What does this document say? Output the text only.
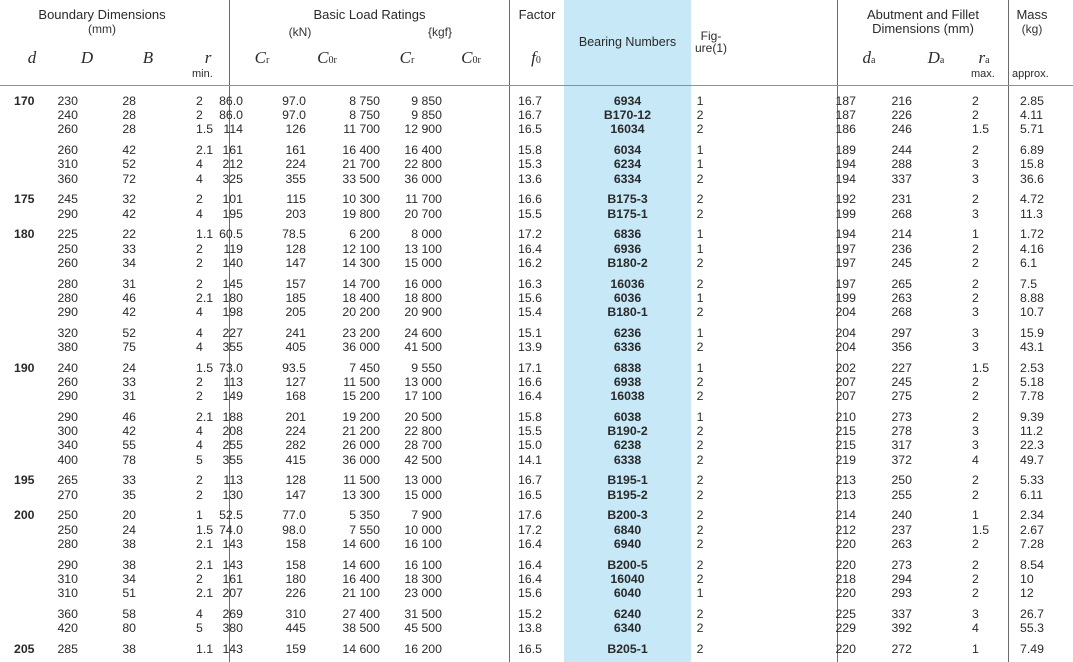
Boundary Dimensions
(mm)
Basic Load Ratings
(kN)	{kgf}
Factor
Bearing Numbers	Fig-
ure(1)
Abutment and Fillet
Dimensions (mm)
Mass
(kg)
d	D	B	r
min.
Cr	C0r	Cr	C0r	f0	da	Da ra
max. approx.
170 230	28	2	86.0	97.0	8 750	9 850	16.7	6934	1	187	216	2	2.85
240	28	2	86.0	97.0	8 750	9 850	16.7	B170-12	2	187	226	2	4.11
260	28	1.5 114	126	11 700	12 900	16.5	16034	2	186	246	1.5	5.71
260	42	2.1 161	161	16 400	16 400	15.8	6034	1	189	244	2	6.89
310	52	4	212	224	21 700	22 800	15.3	6234	1	194	288	3	15.8
360	72	4	325	355	33 500	36 000	13.6	6334	2	194	337	3	36.6
175 245	32	2	101	115	10 300	11 700	16.6	B175-3	2	192	231	2	4.72
290	42	4	195	203	19 800	20 700	15.5	B175-1	2	199	268	3	11.3
180 225	22	1.1 60.5	78.5	6 200	8 000	17.2	6836	1	194	214	1	1.72
250	33	2	119	128	12 100	13 100	16.4	6936	1	197	236	2	4.16
260	34	2	140	147	14 300	15 000	16.2	B180-2	2	197	245	2	6.1
280	31	2	145	157	14 700	16 000	16.3	16036	2	197	265	2	7.5
280	46	2.1 180	185	18 400	18 800	15.6	6036	1	199	263	2	8.88
290	42	4	198	205	20 200	20 900	15.4	B180-1	2	204	268	3	10.7
320	52	4	227	241	23 200	24 600	15.1	6236	1	204	297	3	15.9
380	75	4	355	405	36 000	41 500	13.9	6336	2	204	356	3	43.1
190 240	24	1.5 73.0	93.5	7 450	9 550	17.1	6838	1	202	227	1.5	2.53
260	33	2	113	127	11 500	13 000	16.6	6938	2	207	245	2	5.18
290	31	2	149	168	15 200	17 100	16.4	16038	2	207	275	2	7.78
290	46	2.1 188	201	19 200	20 500	15.8	6038	1	210	273	2	9.39
300	42	4	208	224	21 200	22 800	15.5	B190-2	2	215	278	3	11.2
340	55	4	255	282	26 000	28 700	15.0	6238	2	215	317	3	22.3
400	78	5	355	415	36 000	42 500	14.1	6338	2	219	372	4	49.7
195 265	33	2	113	128	11 500	13 000	16.7	B195-1	2	213	250	2	5.33
270	35	2	130	147	13 300	15 000	16.5	B195-2	2	213	255	2	6.11
200 250	20	1	52.5	77.0	5 350	7 900	17.6	B200-3	2	214	240	1	2.34
250	24	1.5 74.0	98.0	7 550	10 000	17.2	6840	2	212	237	1.5	2.67
280	38	2.1 143	158	14 600	16 100	16.4	6940	2	220	263	2	7.28
290	38	2.1 143	158	14 600	16 100	16.4	B200-5	2	220	273	2	8.54
310	34	2	161	180	16 400	18 300	16.4	16040	2	218	294	2	10
310	51	2.1 207	226	21 100	23 000	15.6	6040	1	220	293	2	12
360	58	4	269	310	27 400	31 500	15.2	6240	2	225	337	3	26.7
420	80	5	380	445	38 500	45 500	13.8	6340	2	229	392	4	55.3
205 285	38	1.1 143	159	14 600	16 200	16.5	B205-1	2	220	272	1	7.49
